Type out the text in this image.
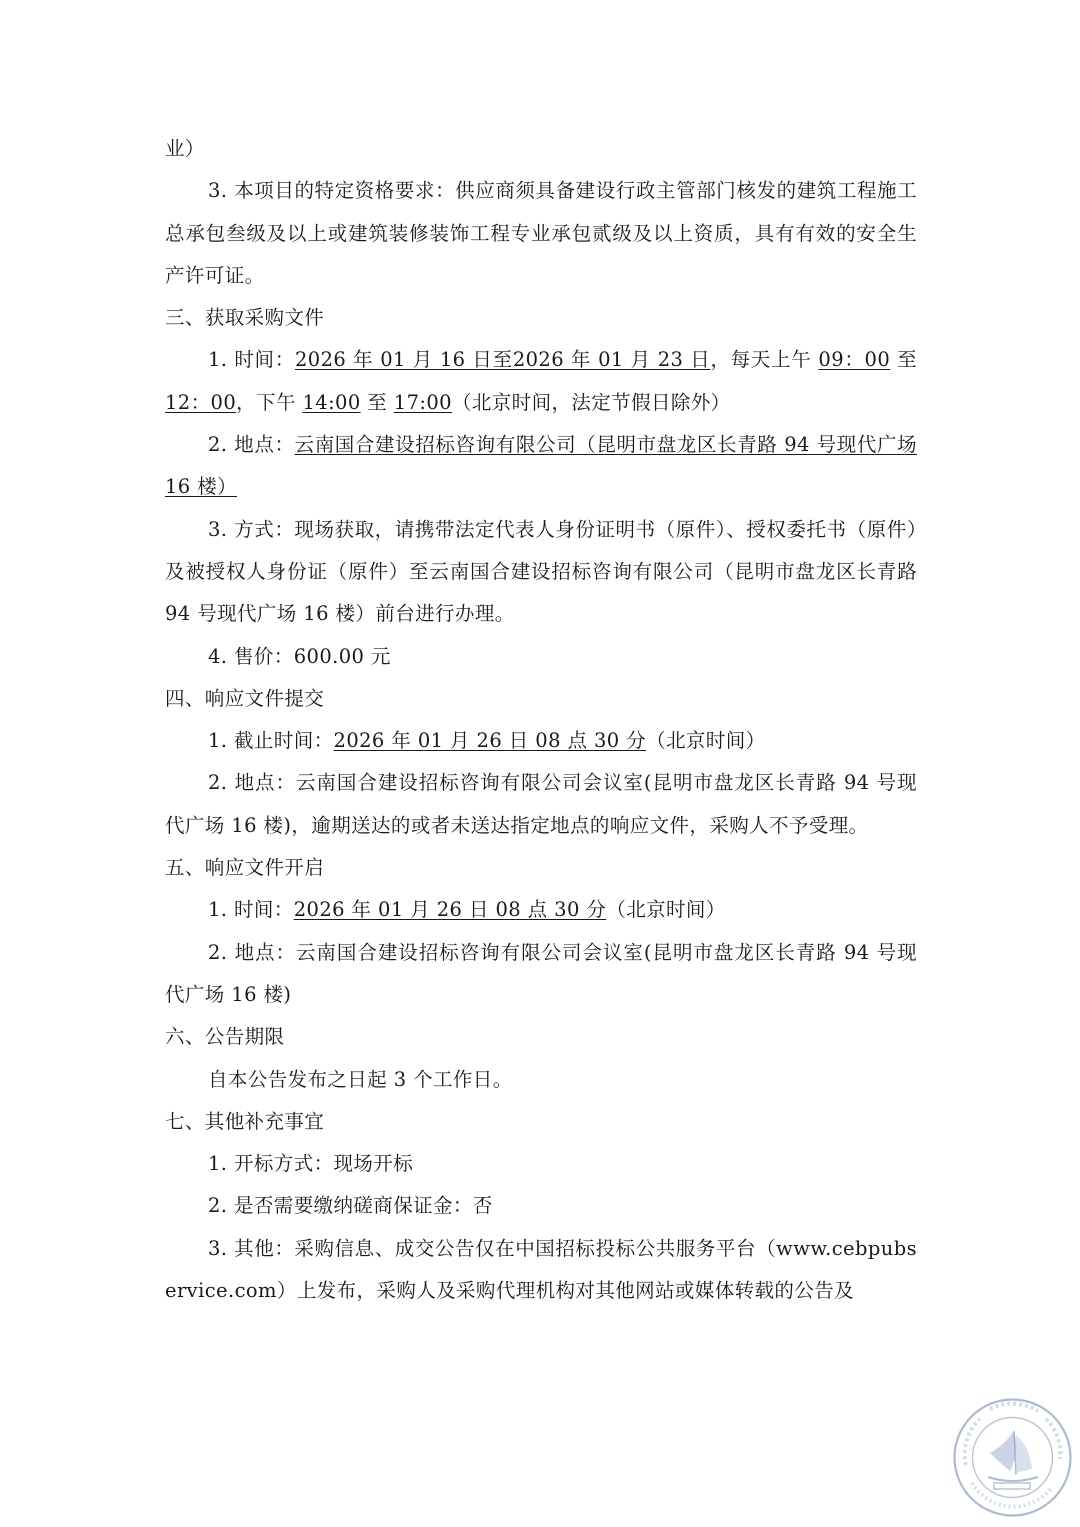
业）

3. 本项目的特定资格要求：供应商须具备建设行政主管部门核发的建筑工程施工总承包叁级及以上或建筑装修装饰工程专业承包贰级及以上资质，具有有效的安全生产许可证。

三、获取采购文件

1. 时间：2026 年 01 月 16 日至2026 年 01 月 23 日，每天上午 09：00 至 12：00，下午 14:00 至 17:00（北京时间，法定节假日除外）

2. 地点：云南国合建设招标咨询有限公司（昆明市盘龙区长青路 94 号现代广场 16 楼）

3. 方式：现场获取，请携带法定代表人身份证明书（原件）、授权委托书（原件）及被授权人身份证（原件）至云南国合建设招标咨询有限公司（昆明市盘龙区长青路 94 号现代广场 16 楼）前台进行办理。

4. 售价：600.00 元

四、响应文件提交

1. 截止时间：2026 年 01 月 26 日 08 点 30 分（北京时间）

2. 地点：云南国合建设招标咨询有限公司会议室(昆明市盘龙区长青路 94 号现代广场 16 楼)，逾期送达的或者未送达指定地点的响应文件，采购人不予受理。

五、响应文件开启

1. 时间：2026 年 01 月 26 日 08 点 30 分（北京时间）

2. 地点：云南国合建设招标咨询有限公司会议室(昆明市盘龙区长青路 94 号现代广场 16 楼)

六、公告期限

自本公告发布之日起 3 个工作日。

七、其他补充事宜

1. 开标方式：现场开标

2. 是否需要缴纳磋商保证金：否

3. 其他：采购信息、成交公告仅在中国招标投标公共服务平台（www.cebpubservice.com）上发布，采购人及采购代理机构对其他网站或媒体转载的公告及
